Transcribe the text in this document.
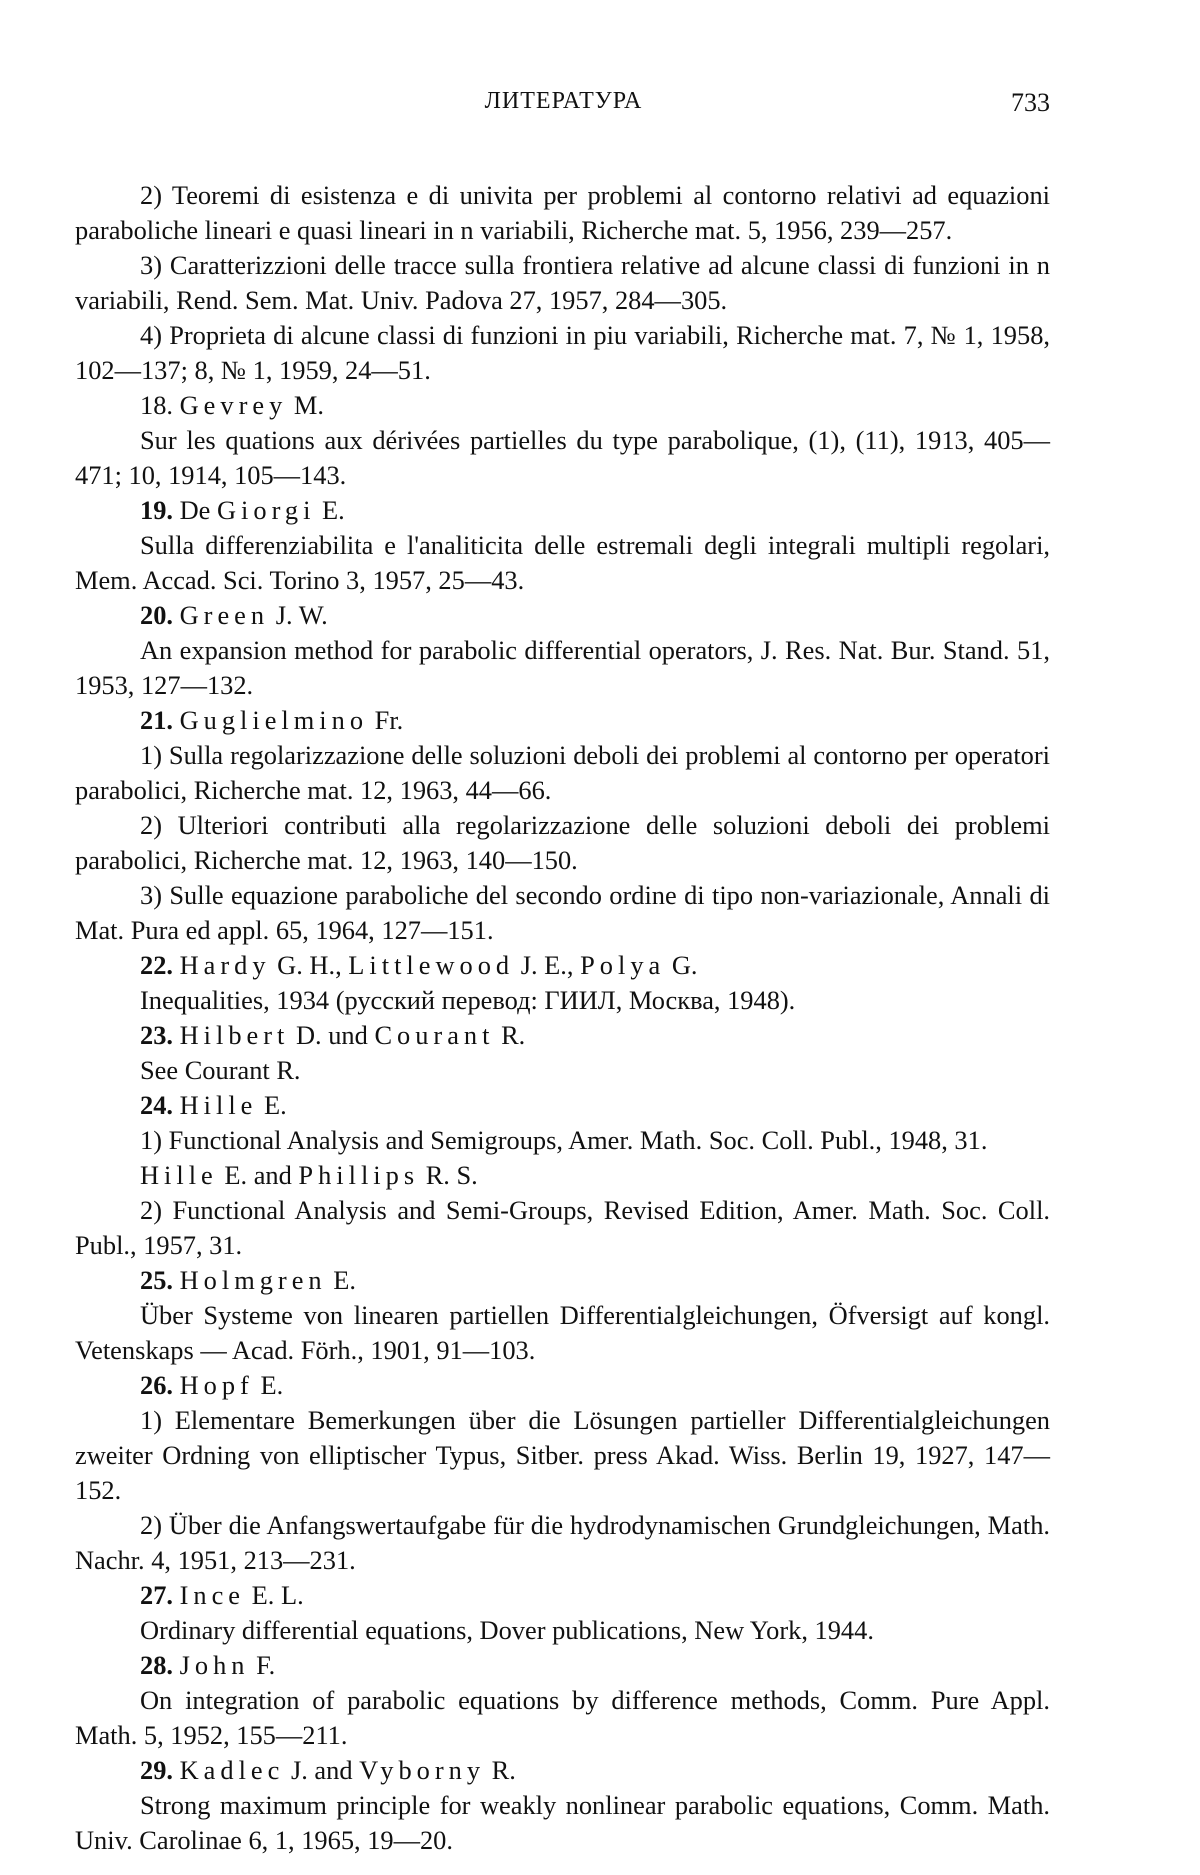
ЛИТЕРАТУРА	733

2) Teoremi di esistenza e di univita per problemi al contorno relativi ad equazioni paraboliche lineari e quasi lineari in n variabili, Richerche mat. 5, 1956, 239—257.

3) Caratterizzioni delle tracce sulla frontiera relative ad alcune classi di funzioni in n variabili, Rend. Sem. Mat. Univ. Padova 27, 1957, 284—305.

4) Proprieta di alcune classi di funzioni in piu variabili, Richerche mat. 7, № 1, 1958, 102—137; 8, № 1, 1959, 24—51.

18. Gevrey M.

Sur les quations aux dérivées partielles du type parabolique, (1), (11), 1913, 405—471; 10, 1914, 105—143.

19. De Giorgi E.

Sulla differenziabilita e l'analiticita delle estremali degli integrali multipli regolari, Mem. Accad. Sci. Torino 3, 1957, 25—43.

20. Green J. W.

An expansion method for parabolic differential operators, J. Res. Nat. Bur. Stand. 51, 1953, 127—132.

21. Guglielmino Fr.

1) Sulla regolarizzazione delle soluzioni deboli dei problemi al contorno per operatori parabolici, Richerche mat. 12, 1963, 44—66.

2) Ulteriori contributi alla regolarizzazione delle soluzioni deboli dei problemi parabolici, Richerche mat. 12, 1963, 140—150.

3) Sulle equazione paraboliche del secondo ordine di tipo non-variazionale, Annali di Mat. Pura ed appl. 65, 1964, 127—151.

22. Hardy G. H., Littlewood J. E., Polya G.

Inequalities, 1934 (русский перевод: ГИИЛ, Москва, 1948).

23. Hilbert D. und Courant R.

See Courant R.

24. Hille E.

1) Functional Analysis and Semigroups, Amer. Math. Soc. Coll. Publ., 1948, 31.

Hille E. and Phillips R. S.

2) Functional Analysis and Semi-Groups, Revised Edition, Amer. Math. Soc. Coll. Publ., 1957, 31.

25. Holmgren E.

Über Systeme von linearen partiellen Differentialgleichungen, Öfversigt auf kongl. Vetenskaps — Acad. Förh., 1901, 91—103.

26. Hopf E.

1) Elementare Bemerkungen über die Lösungen partieller Differentialgleichungen zweiter Ordning von elliptischer Typus, Sitber. press Akad. Wiss. Berlin 19, 1927, 147—152.

2) Über die Anfangswertaufgabe für die hydrodynamischen Grundgleichungen, Math. Nachr. 4, 1951, 213—231.

27. Ince E. L.

Ordinary differential equations, Dover publications, New York, 1944.

28. John F.

On integration of parabolic equations by difference methods, Comm. Pure Appl. Math. 5, 1952, 155—211.

29. Kadlec J. and Vyborny R.

Strong maximum principle for weakly nonlinear parabolic equations, Comm. Math. Univ. Carolinae 6, 1, 1965, 19—20.
